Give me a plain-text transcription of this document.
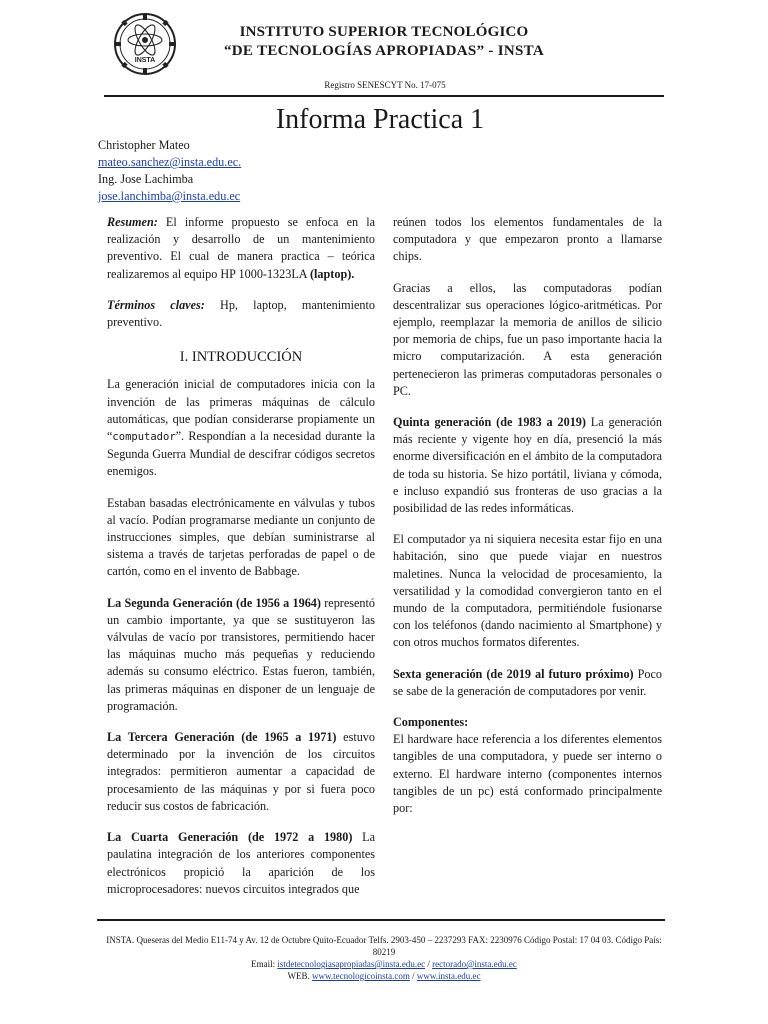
INSTA
INSTITUTO SUPERIOR TECNOLÓGICO
“DE TECNOLOGÍAS APROPIADAS” - INSTA
Registro SENESCYT No. 17-075
Informa Practica 1
Christopher Mateo
mateo.sanchez@insta.edu.ec.
Ing. Jose Lachimba
jose.lanchimba@insta.edu.ec

Resumen: El informe propuesto se enfoca en la realización y desarrollo de un mantenimiento preventivo. El cual de manera practica – teórica realizaremos al equipo HP 1000-1323LA (laptop).

Términos claves: Hp, laptop, mantenimiento preventivo.

I. INTRODUCCIÓN

La generación inicial de computadores inicia con la invención de las primeras máquinas de cálculo automáticas, que podían considerarse propiamente un “computador”. Respondían a la necesidad durante la Segunda Guerra Mundial de descifrar códigos secretos enemigos.

Estaban basadas electrónicamente en válvulas y tubos al vacío. Podían programarse mediante un conjunto de instrucciones simples, que debían suministrarse al sistema a través de tarjetas perforadas de papel o de cartón, como en el invento de Babbage.

La Segunda Generación (de 1956 a 1964) representó un cambio importante, ya que se sustituyeron las válvulas de vacío por transistores, permitiendo hacer las máquinas mucho más pequeñas y reduciendo además su consumo eléctrico. Estas fueron, también, las primeras máquinas en disponer de un lenguaje de programación.

La Tercera Generación (de 1965 a 1971) estuvo determinado por la invención de los circuitos integrados: permitieron aumentar a capacidad de procesamiento de las máquinas y por si fuera poco reducir sus costos de fabricación.

La Cuarta Generación (de 1972 a 1980) La paulatina integración de los anteriores componentes electrónicos propició la aparición de los microprocesadores: nuevos circuitos integrados que

reúnen todos los elementos fundamentales de la computadora y que empezaron pronto a llamarse chips.

Gracias a ellos, las computadoras podían descentralizar sus operaciones lógico-aritméticas. Por ejemplo, reemplazar la memoria de anillos de silicio por memoria de chips, fue un paso importante hacia la micro computarización. A esta generación pertenecieron las primeras computadoras personales o PC.

Quinta generación (de 1983 a 2019) La generación más reciente y vigente hoy en día, presenció la más enorme diversificación en el ámbito de la computadora de toda su historia. Se hizo portátil, liviana y cómoda, e incluso expandió sus fronteras de uso gracias a la posibilidad de las redes informáticas.

El computador ya ni siquiera necesita estar fijo en una habitación, sino que puede viajar en nuestros maletines. Nunca la velocidad de procesamiento, la versatilidad y la comodidad convergieron tanto en el mundo de la computadora, permitiéndole fusionarse con los teléfonos (dando nacimiento al Smartphone) y con otros muchos formatos diferentes.

Sexta generación (de 2019 al futuro próximo) Poco se sabe de la generación de computadores por venir.

Componentes:

El hardware hace referencia a los diferentes elementos tangibles de una computadora, y puede ser interno o externo. El hardware interno (componentes internos tangibles de un pc) está conformado principalmente por:

INSTA. Queseras del Medio E11-74 y Av. 12 de Octubre Quito-Ecuador Telfs. 2903-450 – 2237293 FAX: 2230976 Código Postal: 17 04 03. Código País: 80219
Email: istdetecnologiasapropiadas@insta.edu.ec / rectorado@insta.edu.ec
WEB. www.tecnologicoinsta.com / www.insta.edu.ec
